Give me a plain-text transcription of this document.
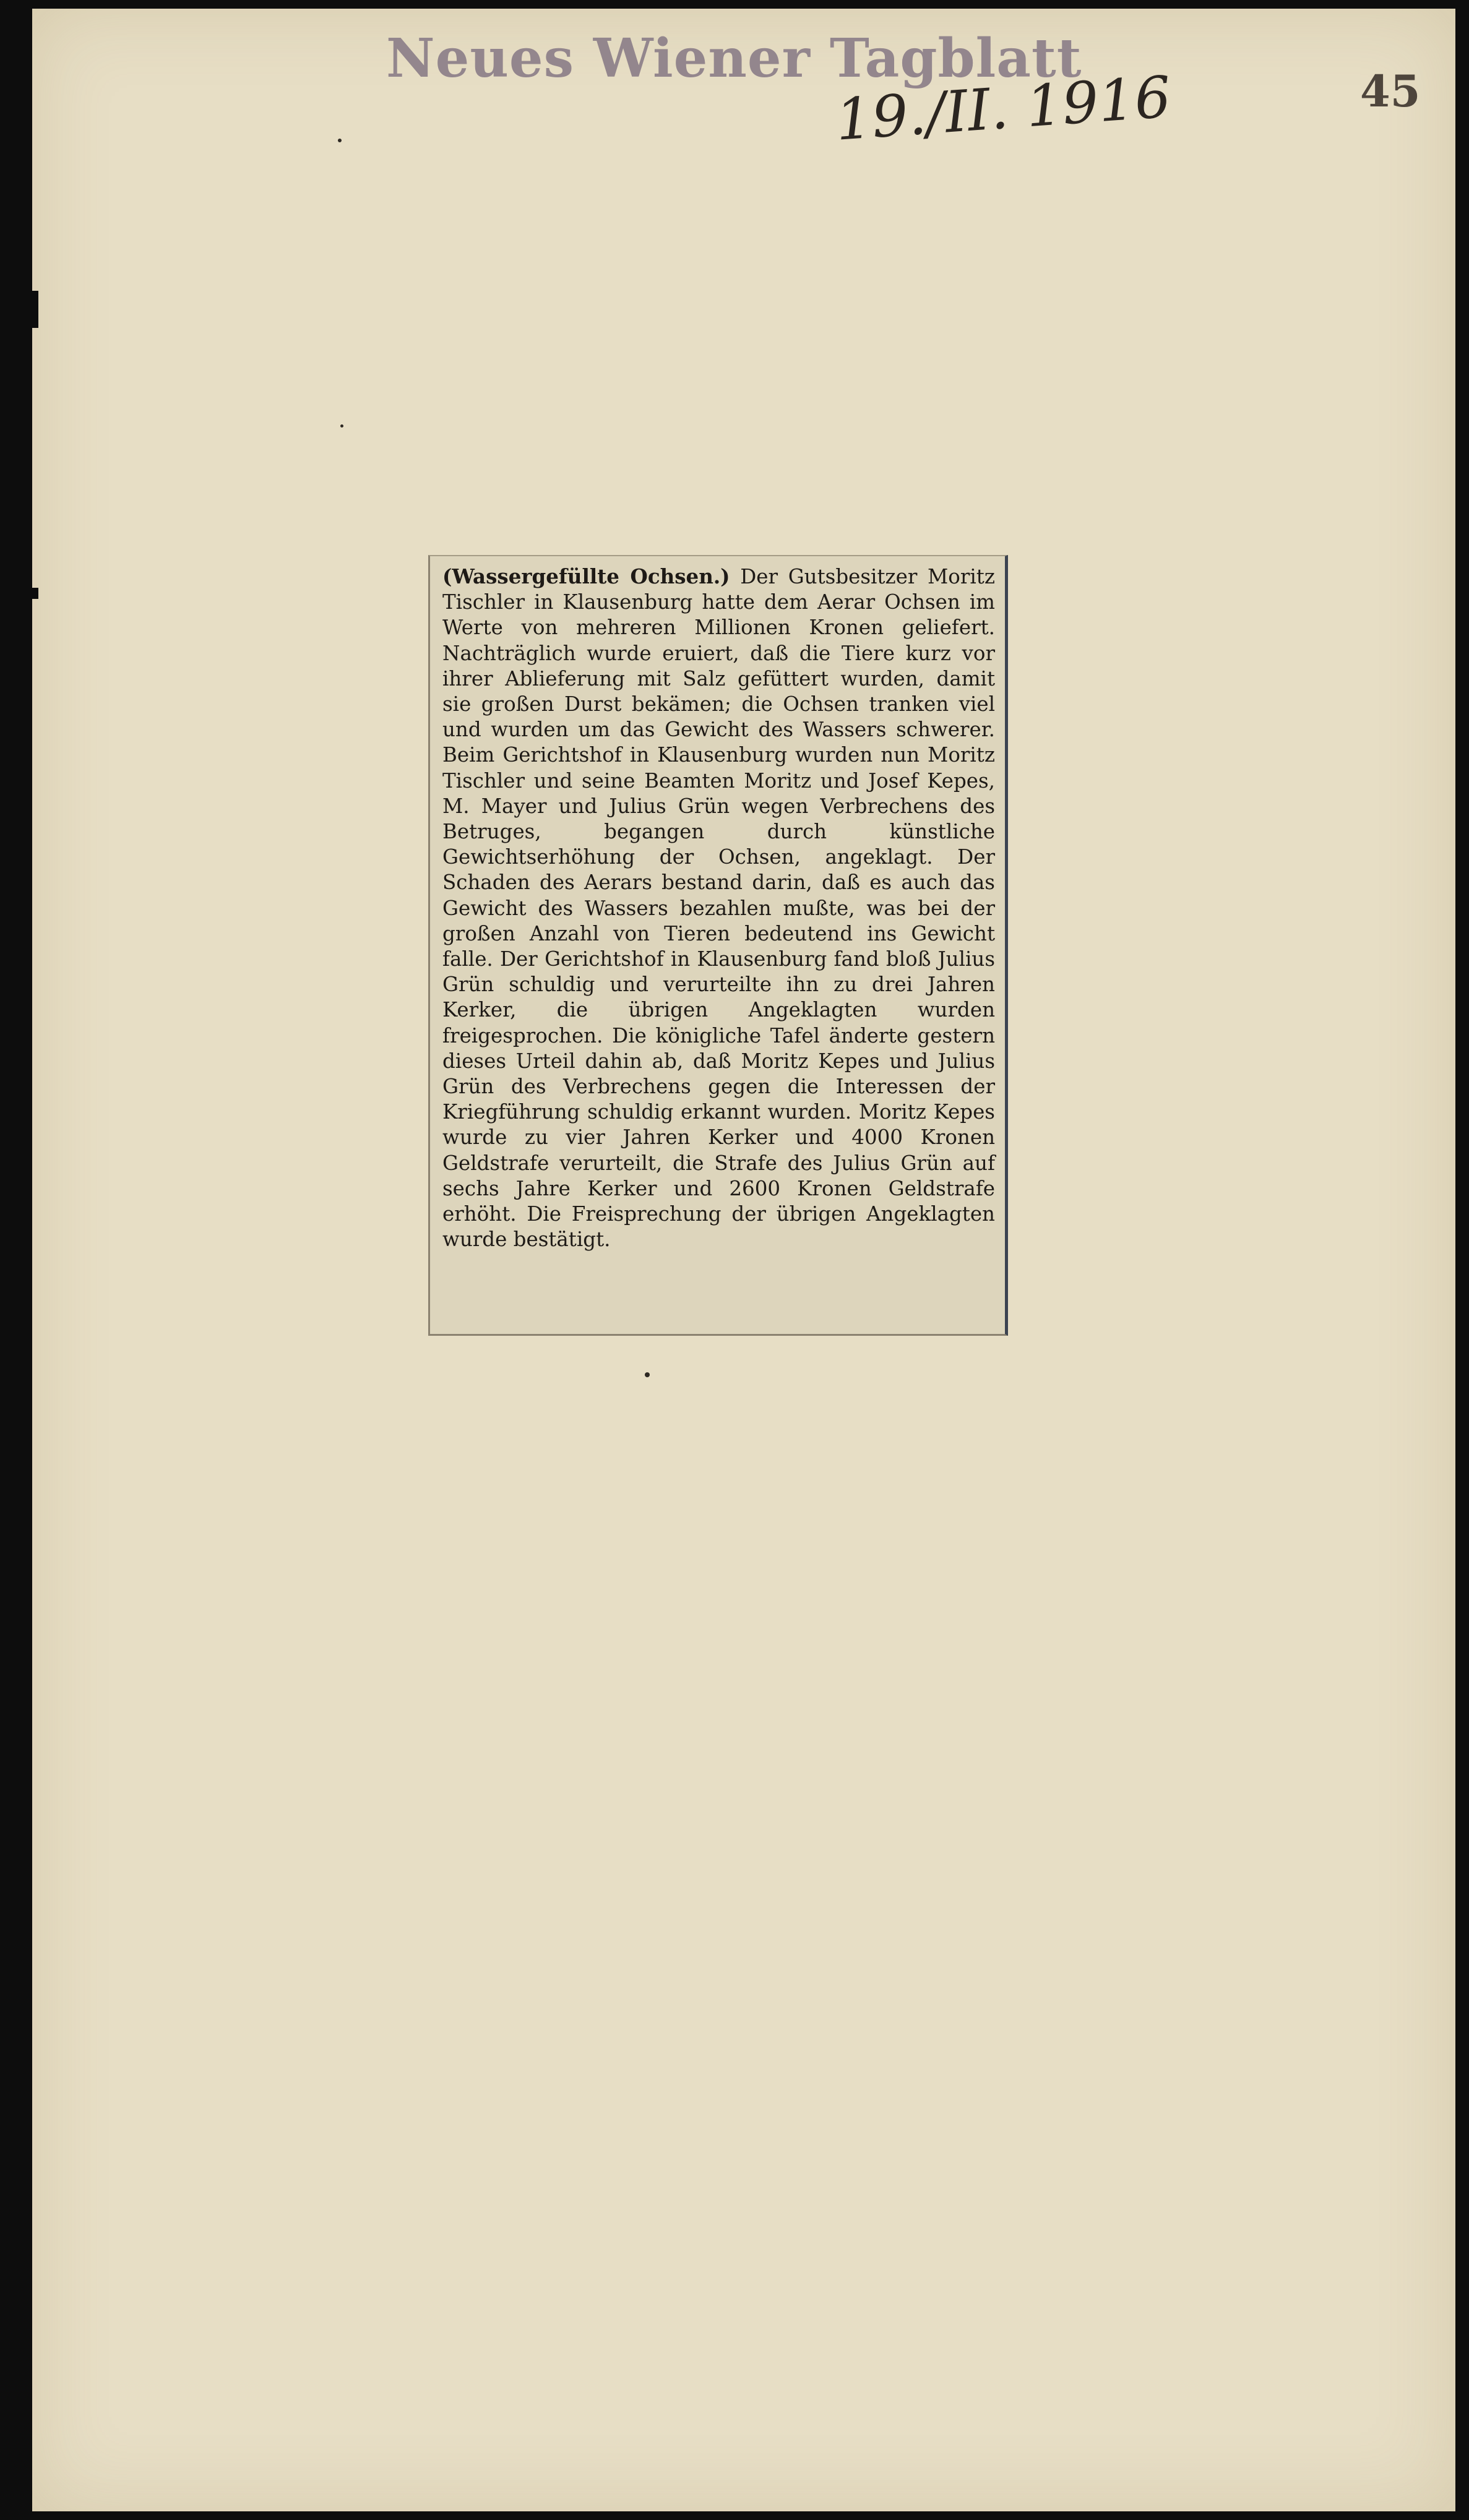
Neues Wiener Tagblatt
19./II. 1916	45

(Wassergefüllte Ochsen.) Der Gutsbesitzer Moritz Tischler in Klausenburg hatte dem Aerar Ochsen im Werte von mehreren Millionen Kronen geliefert. Nachträglich wurde eruiert, daß die Tiere kurz vor ihrer Ablieferung mit Salz gefüttert wurden, damit sie großen Durst bekämen; die Ochsen tranken viel und wurden um das Gewicht des Wassers schwerer. Beim Gerichtshof in Klausenburg wurden nun Moritz Tischler und seine Beamten Moritz und Josef Kepes, M. Mayer und Julius Grün wegen Verbrechens des Betruges, begangen durch künstliche Gewichtserhöhung der Ochsen, angeklagt. Der Schaden des Aerars bestand darin, daß es auch das Gewicht des Wassers bezahlen mußte, was bei der großen Anzahl von Tieren bedeutend ins Gewicht falle. Der Gerichtshof in Klausenburg fand bloß Julius Grün schuldig und verurteilte ihn zu drei Jahren Kerker, die übrigen Angeklagten wurden freigesprochen. Die königliche Tafel änderte gestern dieses Urteil dahin ab, daß Moritz Kepes und Julius Grün des Verbrechens gegen die Interessen der Kriegführung schuldig erkannt wurden. Moritz Kepes wurde zu vier Jahren Kerker und 4000 Kronen Geldstrafe verurteilt, die Strafe des Julius Grün auf sechs Jahre Kerker und 2600 Kronen Geldstrafe erhöht. Die Freisprechung der übrigen Angeklagten wurde bestätigt.
